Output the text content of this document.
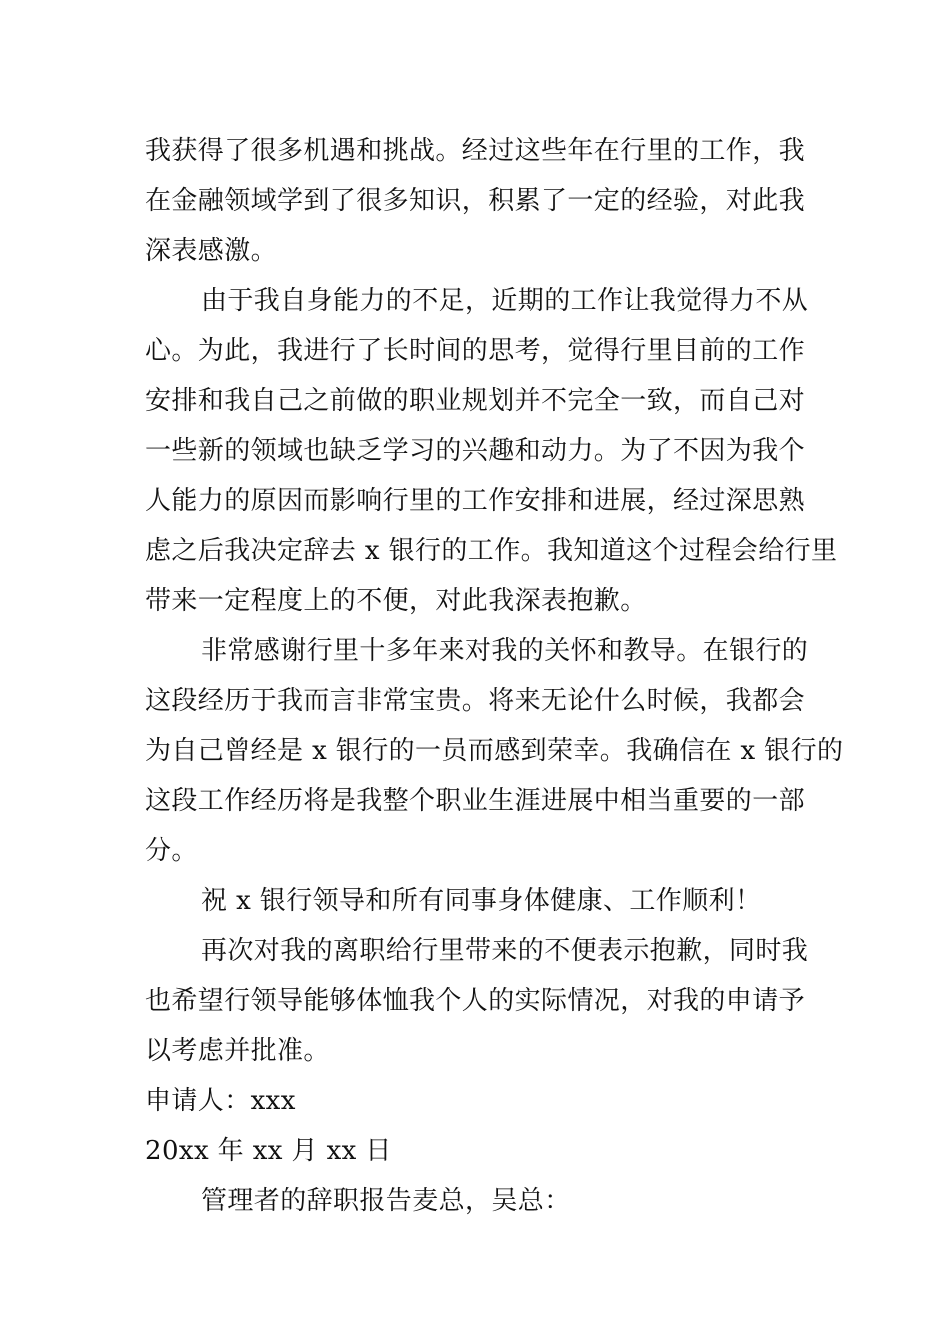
我获得了很多机遇和挑战。经过这些年在行里的工作，我
在金融领域学到了很多知识，积累了一定的经验，对此我
深表感激。
由于我自身能力的不足，近期的工作让我觉得力不从
心。为此，我进行了长时间的思考，觉得行里目前的工作
安排和我自己之前做的职业规划并不完全一致，而自己对
一些新的领域也缺乏学习的兴趣和动力。为了不因为我个
人能力的原因而影响行里的工作安排和进展，经过深思熟
虑之后我决定辞去 x 银行的工作。我知道这个过程会给行里
带来一定程度上的不便，对此我深表抱歉。
非常感谢行里十多年来对我的关怀和教导。在银行的
这段经历于我而言非常宝贵。将来无论什么时候，我都会
为自己曾经是 x 银行的一员而感到荣幸。我确信在 x 银行的
这段工作经历将是我整个职业生涯进展中相当重要的一部
分。
祝 x 银行领导和所有同事身体健康、工作顺利！
再次对我的离职给行里带来的不便表示抱歉，同时我
也希望行领导能够体恤我个人的实际情况，对我的申请予
以考虑并批准。
申请人：xxx
20xx 年 xx 月 xx 日
管理者的辞职报告麦总，吴总：
